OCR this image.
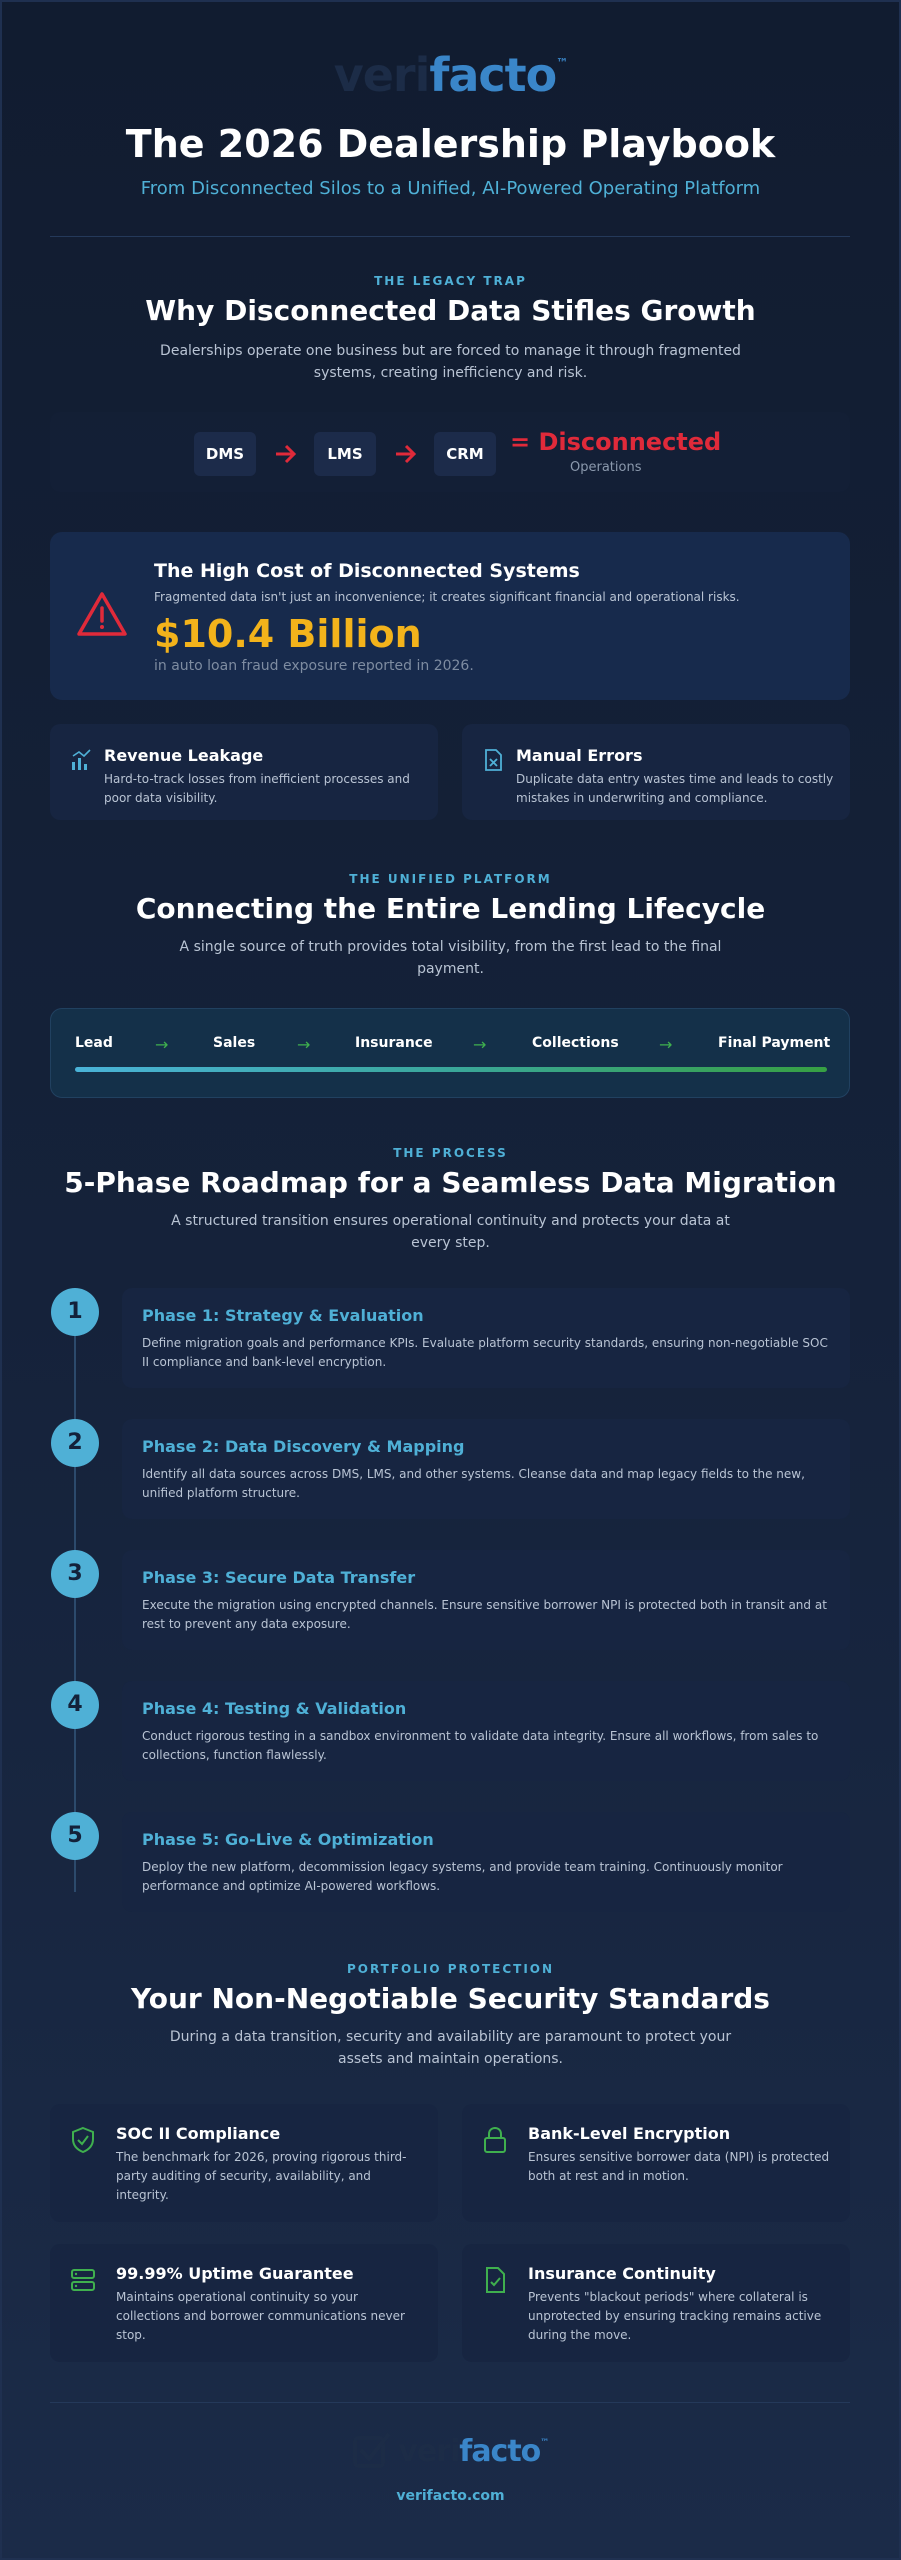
verifacto™
The 2026 Dealership Playbook
From Disconnected Silos to a Unified, AI-Powered Operating Platform
THE LEGACY TRAP
Why Disconnected Data Stifles Growth
Dealerships operate one business but are forced to manage it through fragmented systems, creating inefficiency and risk.
DMS	LMS	CRM	= Disconnected
Operations
The High Cost of Disconnected Systems
Fragmented data isn't just an inconvenience; it creates significant financial and operational risks.
$10.4 Billion
in auto loan fraud exposure reported in 2026.
Revenue Leakage
Hard-to-track losses from inefficient processes and poor data visibility.
Manual Errors
Duplicate data entry wastes time and leads to costly mistakes in underwriting and compliance.
THE UNIFIED PLATFORM
Connecting the Entire Lending Lifecycle
A single source of truth provides total visibility, from the first lead to the final payment.
Lead	→	Sales	→	Insurance	→	Collections	→	Final Payment
THE PROCESS
5-Phase Roadmap for a Seamless Data Migration
A structured transition ensures operational continuity and protects your data at every step.
1	Phase 1: Strategy & Evaluation
Define migration goals and performance KPIs. Evaluate platform security standards, ensuring non-negotiable SOC II compliance and bank-level encryption.
2	Phase 2: Data Discovery & Mapping
Identify all data sources across DMS, LMS, and other systems. Cleanse data and map legacy fields to the new, unified platform structure.
3	Phase 3: Secure Data Transfer
Execute the migration using encrypted channels. Ensure sensitive borrower NPI is protected both in transit and at rest to prevent any data exposure.
4	Phase 4: Testing & Validation
Conduct rigorous testing in a sandbox environment to validate data integrity. Ensure all workflows, from sales to collections, function flawlessly.
5	Phase 5: Go-Live & Optimization
Deploy the new platform, decommission legacy systems, and provide team training. Continuously monitor performance and optimize AI-powered workflows.
PORTFOLIO PROTECTION
Your Non-Negotiable Security Standards
During a data transition, security and availability are paramount to protect your assets and maintain operations.
SOC II Compliance
The benchmark for 2026, proving rigorous third-party auditing of security, availability, and integrity.
Bank-Level Encryption
Ensures sensitive borrower data (NPI) is protected both at rest and in motion.
99.99% Uptime Guarantee
Maintains operational continuity so your collections and borrower communications never stop.
Insurance Continuity
Prevents "blackout periods" where collateral is unprotected by ensuring tracking remains active during the move.
verifacto™
verifacto.com
